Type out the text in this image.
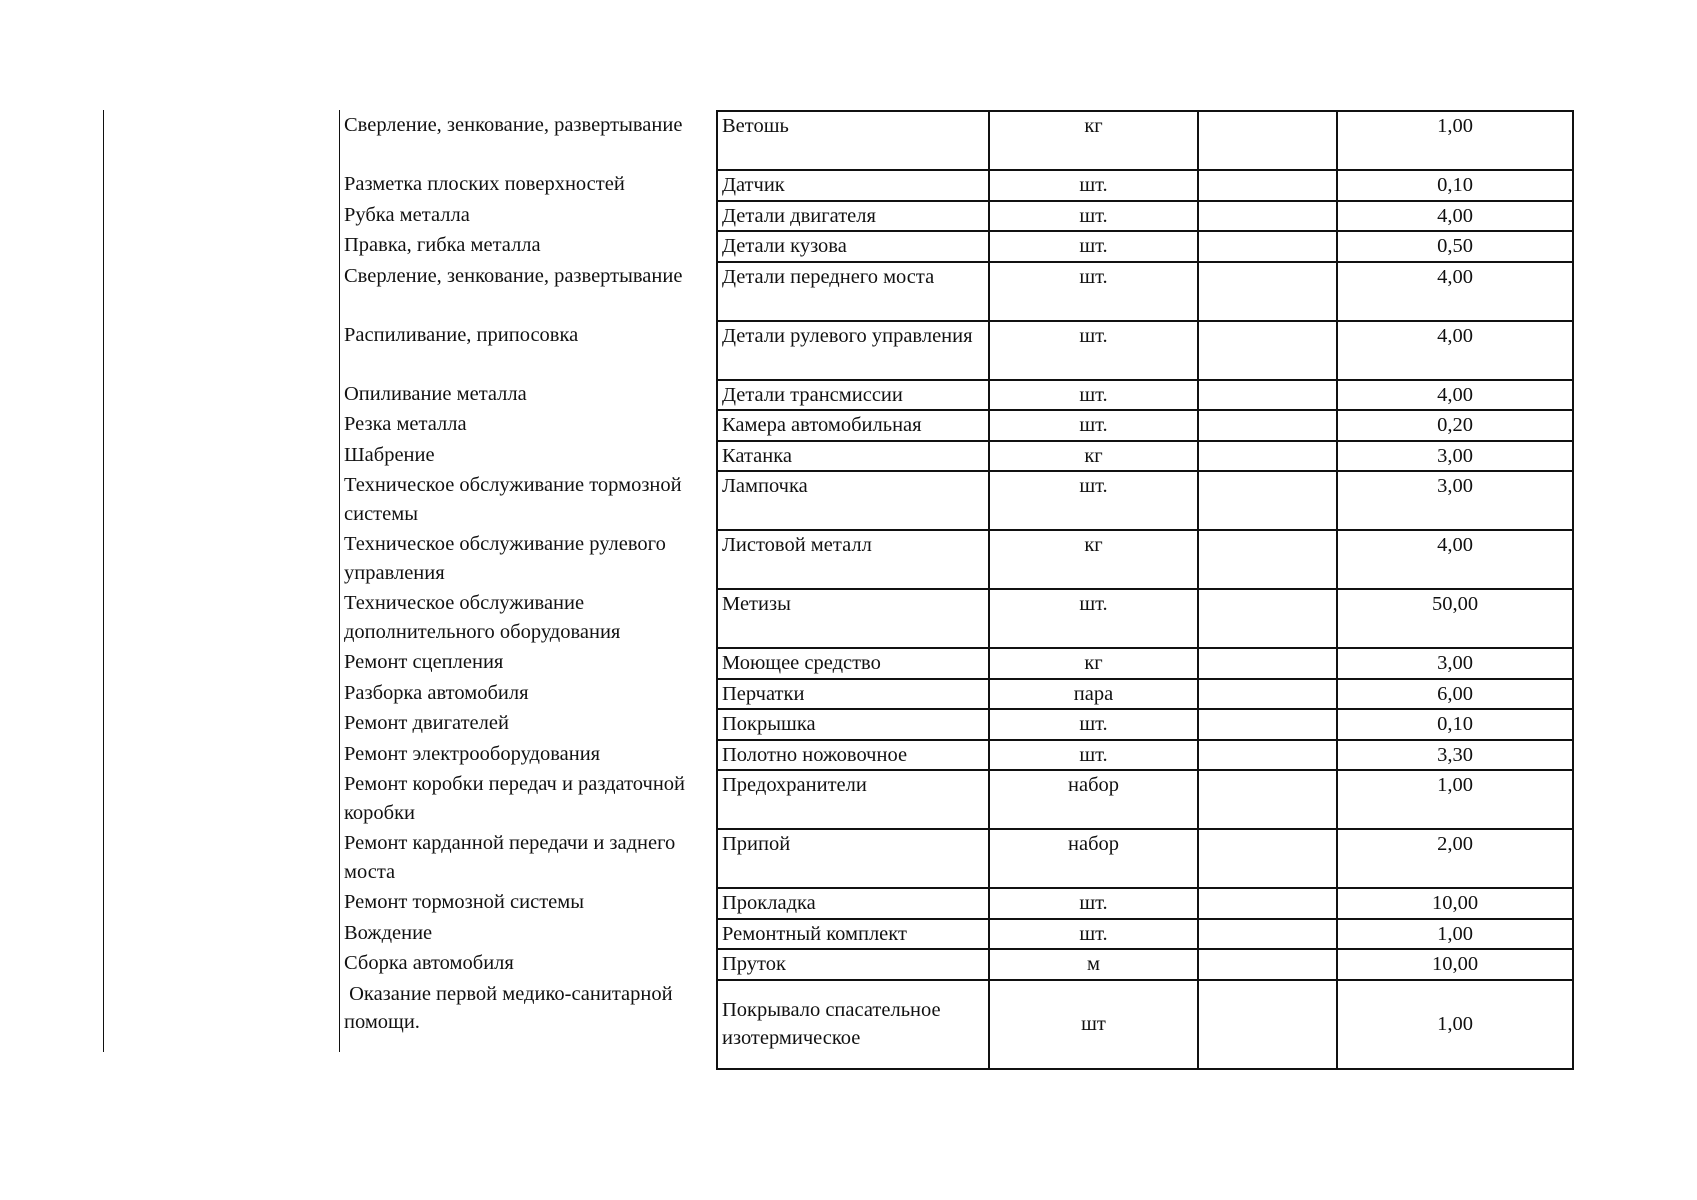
Сверление, зенкование, развертывание	Ветошь	кг		1,00
Разметка плоских поверхностей	Датчик	шт.		0,10
Рубка металла	Детали двигателя	шт.		4,00
Правка, гибка металла	Детали кузова	шт.		0,50
Сверление, зенкование, развертывание	Детали переднего моста	шт.		4,00
Распиливание, припосовка	Детали рулевого управления	шт.		4,00
Опиливание металла	Детали трансмиссии	шт.		4,00
Резка металла	Камера автомобильная	шт.		0,20
Шабрение	Катанка	кг		3,00
Техническое обслуживание тормозной системы	Лампочка	шт.		3,00
Техническое обслуживание рулевого управления	Листовой металл	кг		4,00
Техническое обслуживание дополнительного оборудования	Метизы	шт.		50,00
Ремонт сцепления	Моющее средство	кг		3,00
Разборка автомобиля	Перчатки	пара		6,00
Ремонт двигателей	Покрышка	шт.		0,10
Ремонт электрооборудования	Полотно ножовочное	шт.		3,30
Ремонт коробки передач и раздаточной коробки	Предохранители	набор		1,00
Ремонт карданной передачи и заднего моста	Припой	набор		2,00
Ремонт тормозной системы	Прокладка	шт.		10,00
Вождение	Ремонтный комплект	шт.		1,00
Сборка автомобиля	Пруток	м		10,00
Оказание первой медико-санитарной помощи.	Покрывало спасательное изотермическое	шт		1,00
